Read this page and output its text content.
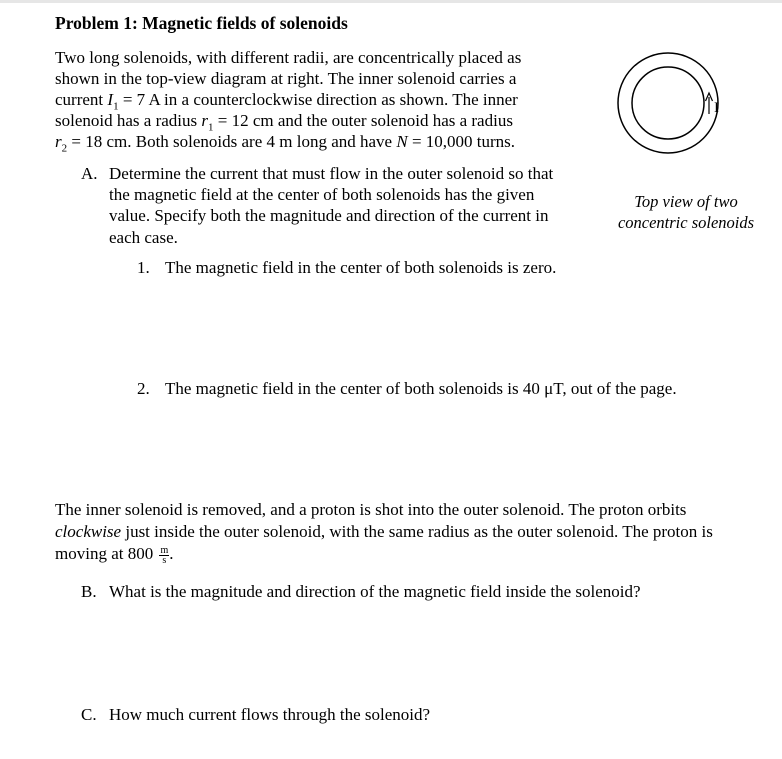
Problem 1: Magnetic fields of solenoids
Two long solenoids, with different radii, are concentrically placed as
shown in the top-view diagram at right. The inner solenoid carries a
current $I_1 = 7$ A in a counterclockwise direction as shown. The inner
solenoid has a radius $r_1 = 12$ cm and the outer solenoid has a radius
$r_2 = 18$ cm. Both solenoids are 4 m long and have N = 10,000 turns.
I
Top view of two
concentric solenoids
A. Determine the current that must flow in the outer solenoid so that
the magnetic field at the center of both solenoids has the given
value. Specify both the magnitude and direction of the current in
each case.
1. The magnetic field in the center of both solenoids is zero.
2. The magnetic field in the center of both solenoids is 40 μT, out of the page.
The inner solenoid is removed, and a proton is shot into the outer solenoid. The proton orbits
clockwise just inside the outer solenoid, with the same radius as the outer solenoid. The proton is
moving at $800 \frac{m}{s}$ .
B. What is the magnitude and direction of the magnetic field inside the solenoid?
C. How much current flows through the solenoid?
